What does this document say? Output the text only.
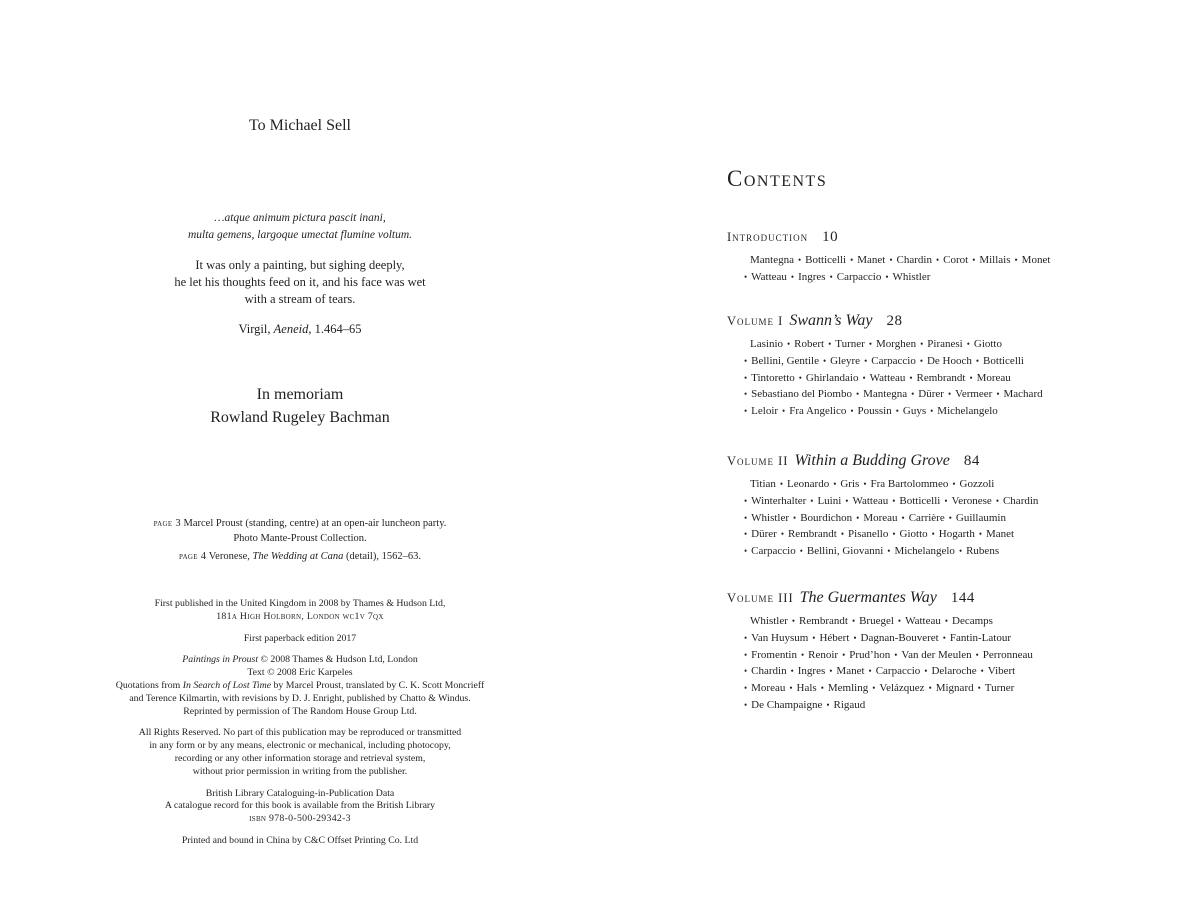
To Michael Sell
…atque animum pictura pascit inani,
multa gemens, largoque umectat flumine voltum.
It was only a painting, but sighing deeply,
he let his thoughts feed on it, and his face was wet
with a stream of tears.
Virgil, Aeneid, 1.464–65
In memoriam
Rowland Rugeley Bachman
page 3 Marcel Proust (standing, centre) at an open-air luncheon party.
Photo Mante-Proust Collection.
page 4 Veronese, The Wedding at Cana (detail), 1562–63.
First published in the United Kingdom in 2008 by Thames & Hudson Ltd,
181a High Holborn, London wc1v 7qx
First paperback edition 2017
Paintings in Proust © 2008 Thames & Hudson Ltd, London
Text © 2008 Eric Karpeles
Quotations from In Search of Lost Time by Marcel Proust, translated by C. K. Scott Moncrieff
and Terence Kilmartin, with revisions by D. J. Enright, published by Chatto & Windus.
Reprinted by permission of The Random House Group Ltd.
All Rights Reserved. No part of this publication may be reproduced or transmitted
in any form or by any means, electronic or mechanical, including photocopy,
recording or any other information storage and retrieval system,
without prior permission in writing from the publisher.
British Library Cataloguing-in-Publication Data
A catalogue record for this book is available from the British Library
isbn 978-0-500-29342-3
Printed and bound in China by C&C Offset Printing Co. Ltd
Contents
Introduction 10
Mantegna • Botticelli • Manet • Chardin • Corot • Millais • Monet
• Watteau • Ingres • Carpaccio • Whistler
Volume I Swann’s Way 28
Lasinio • Robert • Turner • Morghen • Piranesi • Giotto
• Bellini, Gentile • Gleyre • Carpaccio • De Hooch • Botticelli
• Tintoretto • Ghirlandaio • Watteau • Rembrandt • Moreau
• Sebastiano del Piombo • Mantegna • Dürer • Vermeer • Machard
• Leloir • Fra Angelico • Poussin • Guys • Michelangelo
Volume II Within a Budding Grove 84
Titian • Leonardo • Gris • Fra Bartolommeo • Gozzoli
• Winterhalter • Luini • Watteau • Botticelli • Veronese • Chardin
• Whistler • Bourdichon • Moreau • Carrière • Guillaumin
• Dürer • Rembrandt • Pisanello • Giotto • Hogarth • Manet
• Carpaccio • Bellini, Giovanni • Michelangelo • Rubens
Volume III The Guermantes Way 144
Whistler • Rembrandt • Bruegel • Watteau • Decamps
• Van Huysum • Hébert • Dagnan-Bouveret • Fantin-Latour
• Fromentin • Renoir • Prud’hon • Van der Meulen • Perronneau
• Chardin • Ingres • Manet • Carpaccio • Delaroche • Vibert
• Moreau • Hals • Memling • Velázquez • Mignard • Turner
• De Champaigne • Rigaud
